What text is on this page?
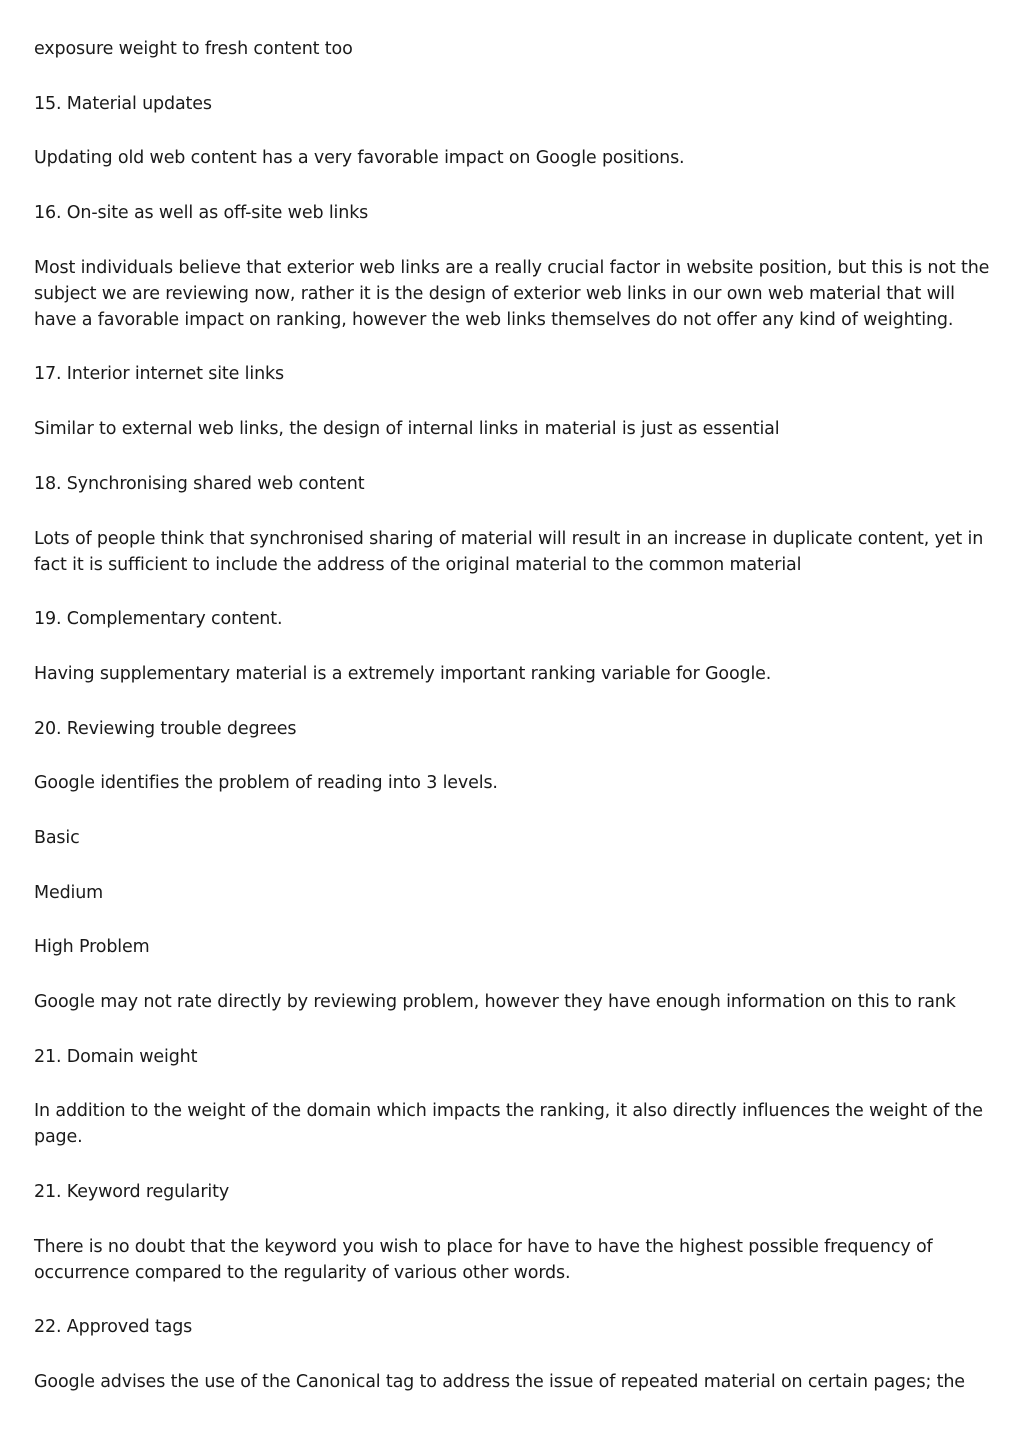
exposure weight to fresh content too

15. Material updates

Updating old web content has a very favorable impact on Google positions.

16. On-site as well as off-site web links

Most individuals believe that exterior web links are a really crucial factor in website position, but this is not the subject we are reviewing now, rather it is the design of exterior web links in our own web material that will have a favorable impact on ranking, however the web links themselves do not offer any kind of weighting.

17. Interior internet site links

Similar to external web links, the design of internal links in material is just as essential

18. Synchronising shared web content

Lots of people think that synchronised sharing of material will result in an increase in duplicate content, yet in fact it is sufficient to include the address of the original material to the common material

19. Complementary content.

Having supplementary material is a extremely important ranking variable for Google.

20. Reviewing trouble degrees

Google identifies the problem of reading into 3 levels.

Basic

Medium

High Problem

Google may not rate directly by reviewing problem, however they have enough information on this to rank

21. Domain weight

In addition to the weight of the domain which impacts the ranking, it also directly influences the weight of the page.

21. Keyword regularity

There is no doubt that the keyword you wish to place for have to have the highest possible frequency of occurrence compared to the regularity of various other words.

22. Approved tags

Google advises the use of the Canonical tag to address the issue of repeated material on certain pages; the
